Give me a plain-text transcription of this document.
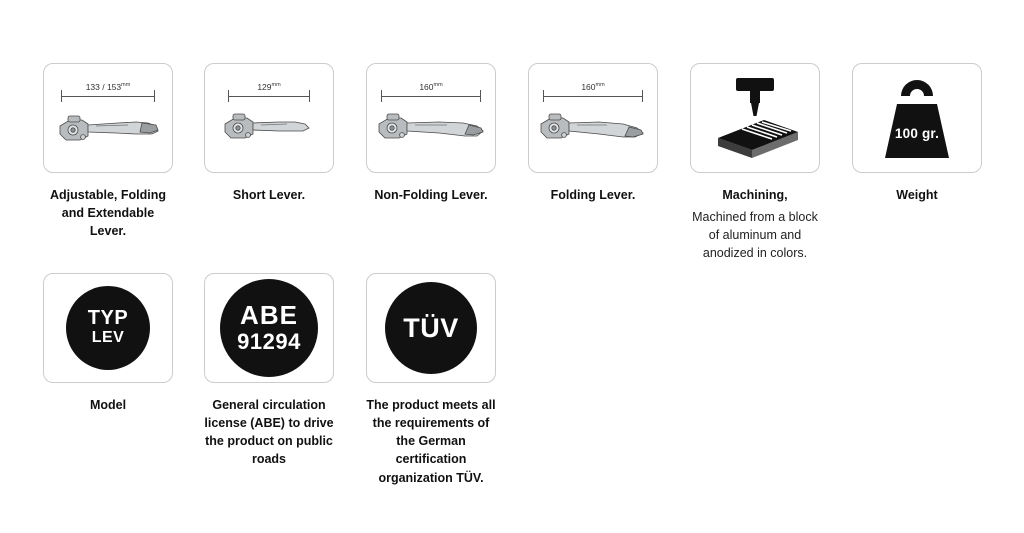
$133 / 153^{mm}$
Adjustable, Folding
and Extendable Lever.
$129^{mm}$
Short Lever.
$160^{mm}$
Non-Folding Lever.
$160^{mm}$
Folding Lever.	Machining,
Machined from a block of aluminum and anodized in colors.
100 gr.
Weight
TYP
LEV
Model
ABE
91294
General circulation license (ABE) to drive the product on public roads
TÜV
The product meets all the requirements of the German certification organization TÜV.
